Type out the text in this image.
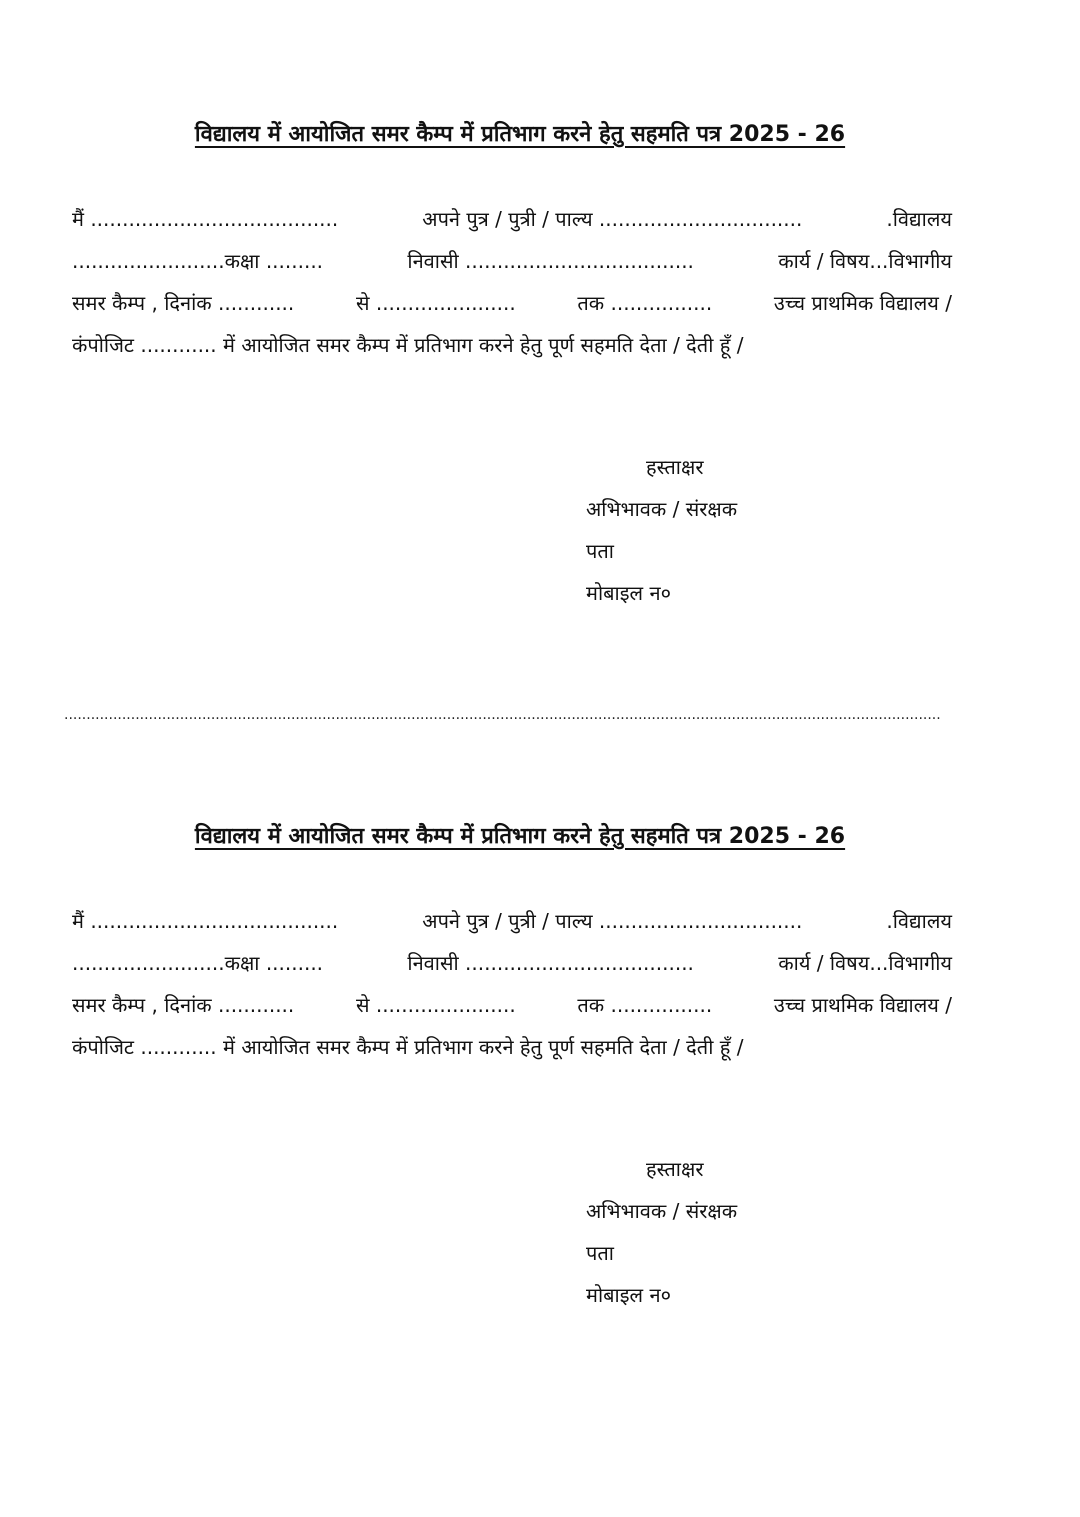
विद्यालय में आयोजित समर कैम्प में प्रतिभाग करने हेतु सहमति पत्र 2025 - 26
मैं .......................................	अपने पुत्र / पुत्री / पाल्य ................................	.विद्यालय
........................कक्षा .........	निवासी ....................................	कार्य / विषय...विभागीय
समर कैम्प , दिनांक ............	से ......................	तक ................	उच्च प्राथमिक विद्यालय /
कंपोजिट ............ में आयोजित समर कैम्प में प्रतिभाग करने हेतु पूर्ण सहमति देता / देती हूँ /
हस्ताक्षर
अभिभावक / संरक्षक
पता
मोबाइल न०
.....................................................................................................................................................................................................
विद्यालय में आयोजित समर कैम्प में प्रतिभाग करने हेतु सहमति पत्र 2025 - 26
मैं .......................................	अपने पुत्र / पुत्री / पाल्य ................................	.विद्यालय
........................कक्षा .........	निवासी ....................................	कार्य / विषय...विभागीय
समर कैम्प , दिनांक ............	से ......................	तक ................	उच्च प्राथमिक विद्यालय /
कंपोजिट ............ में आयोजित समर कैम्प में प्रतिभाग करने हेतु पूर्ण सहमति देता / देती हूँ /
हस्ताक्षर
अभिभावक / संरक्षक
पता
मोबाइल न०
